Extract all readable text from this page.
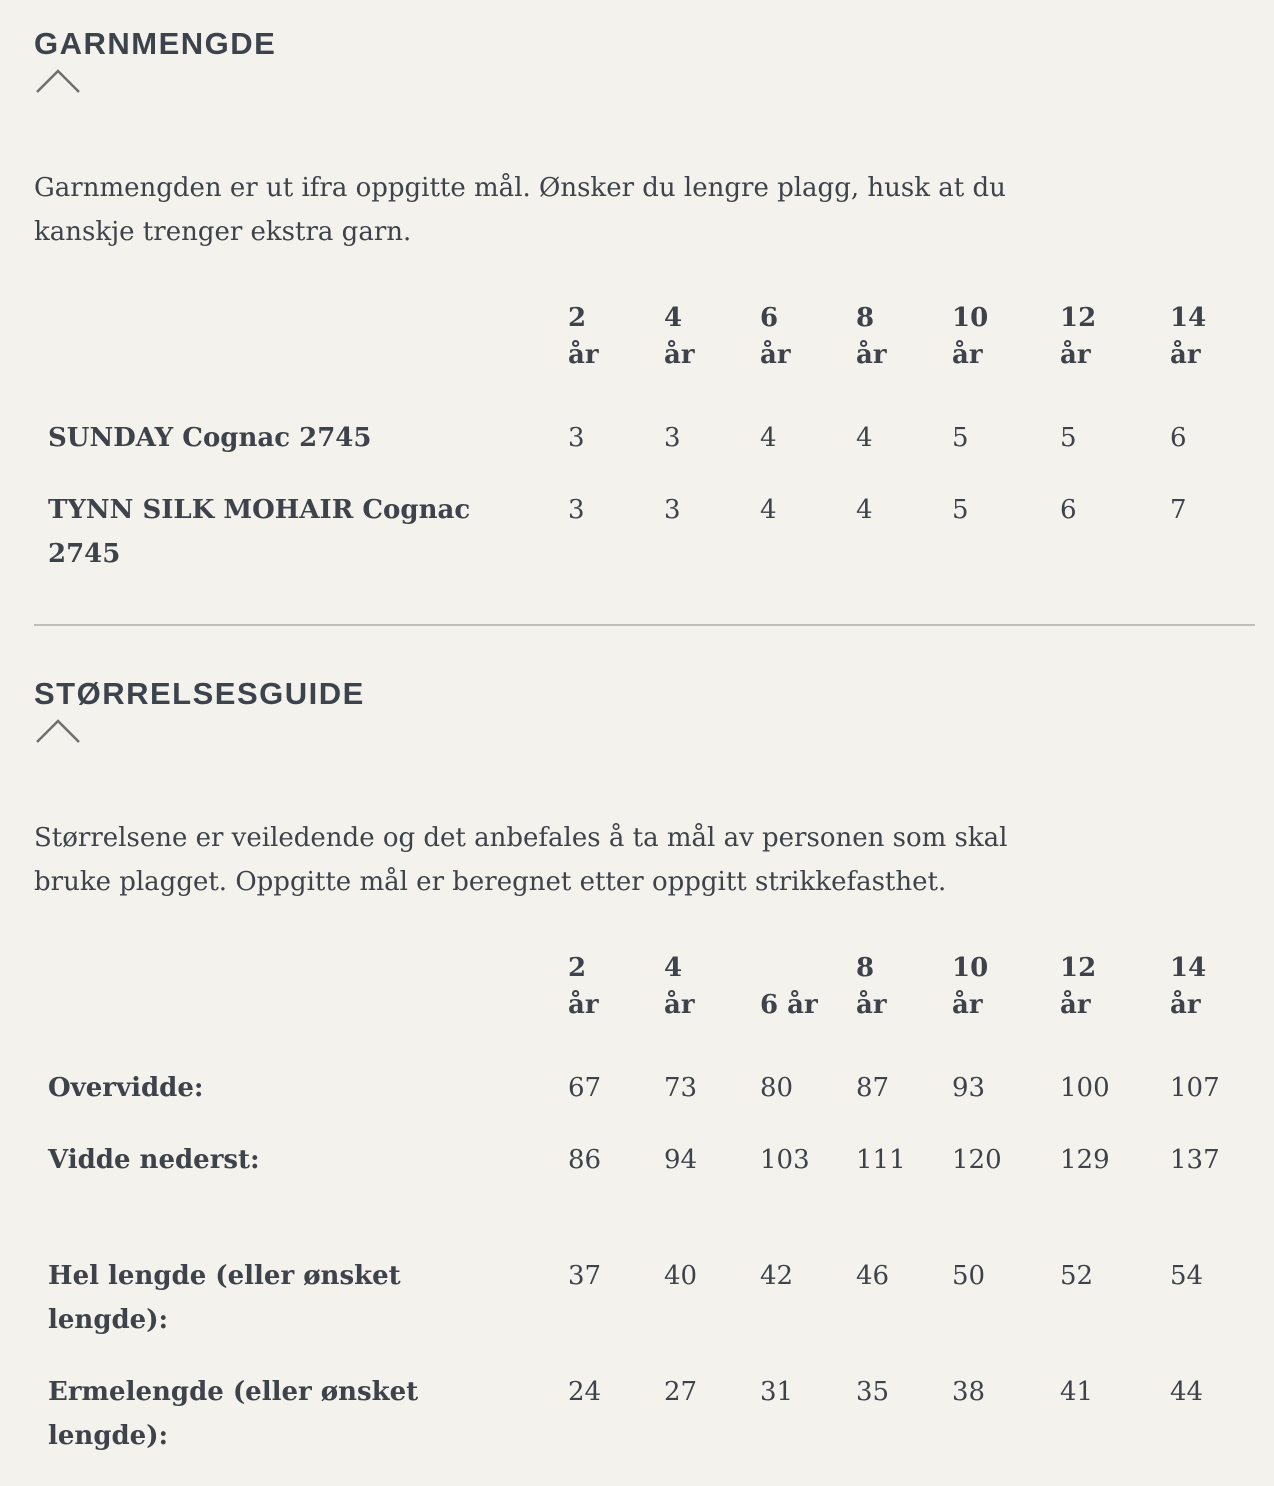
GARNMENGDE

Garnmengden er ut ifra oppgitte mål. Ønsker du lengre plagg, husk at du
kanskje trenger ekstra garn.

	2
år	4
år	6
år	8
år	10
år	12
år	14
år
SUNDAY Cognac 2745	3	3	4	4	5	5	6
TYNN SILK MOHAIR Cognac
2745	3	3	4	4	5	6	7
STØRRELSESGUIDE

Størrelsene er veiledende og det anbefales å ta mål av personen som skal
bruke plagget. Oppgitte mål er beregnet etter oppgitt strikkefasthet.

	2
år	4
år	6 år	8
år	10
år	12
år	14
år
Overvidde:	67	73	80	87	93	100	107
Vidde nederst:	86	94	103	111	120	129	137
Hel lengde (eller ønsket
lengde):	37	40	42	46	50	52	54
Ermelengde (eller ønsket
lengde):	24	27	31	35	38	41	44
